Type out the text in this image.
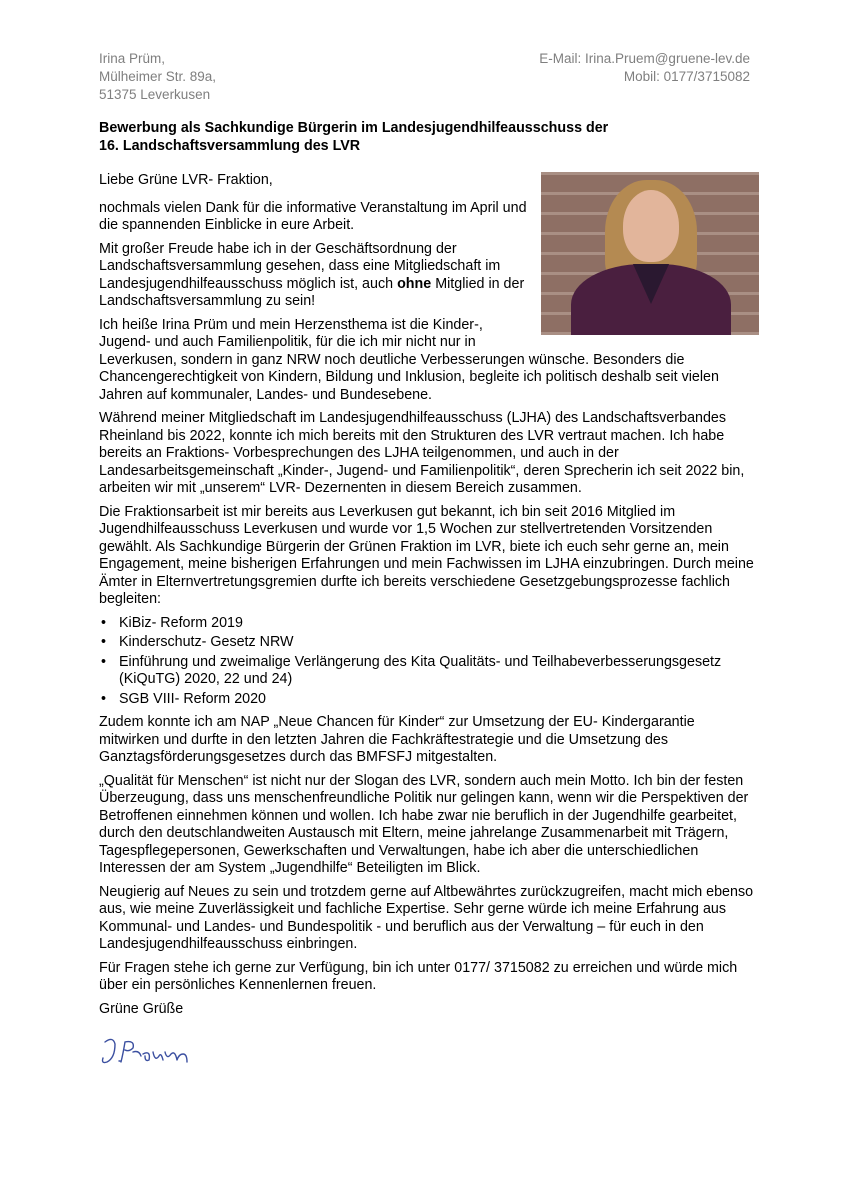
Irina Prüm,
Mülheimer Str. 89a,
51375 Leverkusen
E-Mail: Irina.Pruem@gruene-lev.de
Mobil: 0177/3715082
Bewerbung als Sachkundige Bürgerin im Landesjugendhilfeausschuss der
16. Landschaftsversammlung des LVR

Liebe Grüne LVR- Fraktion,

nochmals vielen Dank für die informative Veranstaltung im April und die spannenden Einblicke in eure Arbeit.

Mit großer Freude habe ich in der Geschäftsordnung der Landschaftsversammlung gesehen, dass eine Mitgliedschaft im Landesjugendhilfeausschuss möglich ist, auch ohne Mitglied in der Landschaftsversammlung zu sein!

Ich heiße Irina Prüm und mein Herzensthema ist die Kinder-, Jugend- und auch Familienpolitik, für die ich mir nicht nur in Leverkusen, sondern in ganz NRW noch deutliche Verbesserungen wünsche. Besonders die Chancengerechtigkeit von Kindern, Bildung und Inklusion, begleite ich politisch deshalb seit vielen Jahren auf kommunaler, Landes- und Bundesebene.

Während meiner Mitgliedschaft im Landesjugendhilfeausschuss (LJHA) des Landschaftsverbandes Rheinland bis 2022, konnte ich mich bereits mit den Strukturen des LVR vertraut machen. Ich habe bereits an Fraktions- Vorbesprechungen des LJHA teilgenommen, und auch in der Landesarbeitsgemeinschaft „Kinder-, Jugend- und Familienpolitik“, deren Sprecherin ich seit 2022 bin, arbeiten wir mit „unserem“ LVR- Dezernenten in diesem Bereich zusammen.

Die Fraktionsarbeit ist mir bereits aus Leverkusen gut bekannt, ich bin seit 2016 Mitglied im Jugendhilfeausschuss Leverkusen und wurde vor 1,5 Wochen zur stellvertretenden Vorsitzenden gewählt. Als Sachkundige Bürgerin der Grünen Fraktion im LVR, biete ich euch sehr gerne an, mein Engagement, meine bisherigen Erfahrungen und mein Fachwissen im LJHA einzubringen. Durch meine Ämter in Elternvertretungsgremien durfte ich bereits verschiedene Gesetzgebungsprozesse fachlich begleiten:

• KiBiz- Reform 2019
• Kinderschutz- Gesetz NRW
• Einführung und zweimalige Verlängerung des Kita Qualitäts- und Teilhabeverbesserungsgesetz (KiQuTG) 2020, 22 und 24)
• SGB VIII- Reform 2020

Zudem konnte ich am NAP „Neue Chancen für Kinder“ zur Umsetzung der EU- Kindergarantie mitwirken und durfte in den letzten Jahren die Fachkräftestrategie und die Umsetzung des Ganztagsförderungsgesetzes durch das BMFSFJ mitgestalten.

„Qualität für Menschen“ ist nicht nur der Slogan des LVR, sondern auch mein Motto. Ich bin der festen Überzeugung, dass uns menschenfreundliche Politik nur gelingen kann, wenn wir die Perspektiven der Betroffenen einnehmen können und wollen. Ich habe zwar nie beruflich in der Jugendhilfe gearbeitet, durch den deutschlandweiten Austausch mit Eltern, meine jahrelange Zusammenarbeit mit Trägern, Tagespflegepersonen, Gewerkschaften und Verwaltungen, habe ich aber die unterschiedlichen Interessen der am System „Jugendhilfe“ Beteiligten im Blick.

Neugierig auf Neues zu sein und trotzdem gerne auf Altbewährtes zurückzugreifen, macht mich ebenso aus, wie meine Zuverlässigkeit und fachliche Expertise. Sehr gerne würde ich meine Erfahrung aus Kommunal- und Landes- und Bundespolitik - und beruflich aus der Verwaltung – für euch in den Landesjugendhilfeausschuss einbringen.

Für Fragen stehe ich gerne zur Verfügung, bin ich unter 0177/ 3715082 zu erreichen und würde mich über ein persönliches Kennenlernen freuen.

Grüne Grüße
